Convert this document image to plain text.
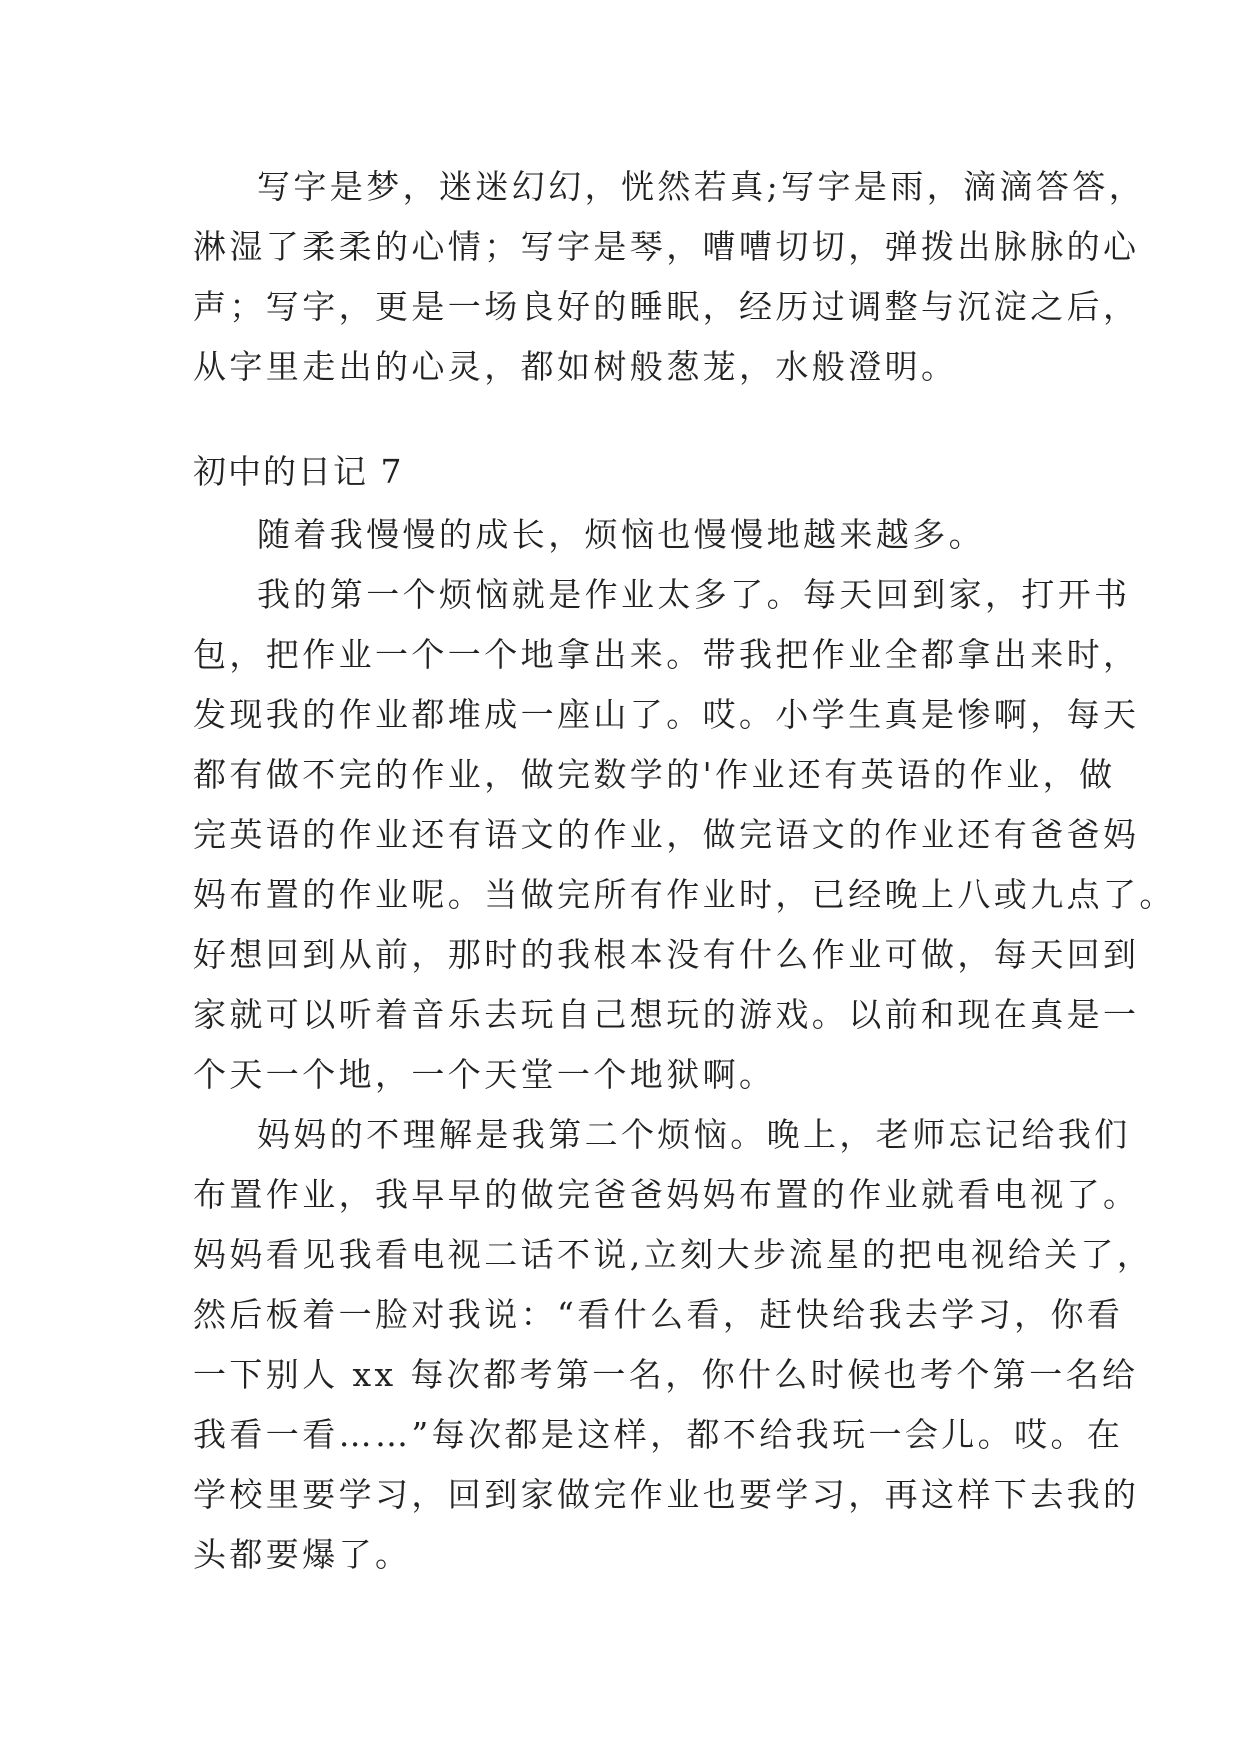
写字是梦，迷迷幻幻，恍然若真;写字是雨，滴滴答答，
淋湿了柔柔的心情；写字是琴，嘈嘈切切，弹拨出脉脉的心
声；写字，更是一场良好的睡眠，经历过调整与沉淀之后，
从字里走出的心灵，都如树般葱茏，水般澄明。
初中的日记 7
随着我慢慢的成长，烦恼也慢慢地越来越多。
我的第一个烦恼就是作业太多了。每天回到家，打开书
包，把作业一个一个地拿出来。带我把作业全都拿出来时，
发现我的作业都堆成一座山了。哎。小学生真是惨啊，每天
都有做不完的作业，做完数学的'作业还有英语的作业，做
完英语的作业还有语文的作业，做完语文的作业还有爸爸妈
妈布置的作业呢。当做完所有作业时，已经晚上八或九点了。
好想回到从前，那时的我根本没有什么作业可做，每天回到
家就可以听着音乐去玩自己想玩的游戏。以前和现在真是一
个天一个地，一个天堂一个地狱啊。
妈妈的不理解是我第二个烦恼。晚上，老师忘记给我们
布置作业，我早早的做完爸爸妈妈布置的作业就看电视了。
妈妈看见我看电视二话不说,立刻大步流星的把电视给关了，
然后板着一脸对我说：“看什么看，赶快给我去学习，你看
一下别人 xx 每次都考第一名，你什么时候也考个第一名给
我看一看……”每次都是这样，都不给我玩一会儿。哎。在
学校里要学习，回到家做完作业也要学习，再这样下去我的
头都要爆了。
